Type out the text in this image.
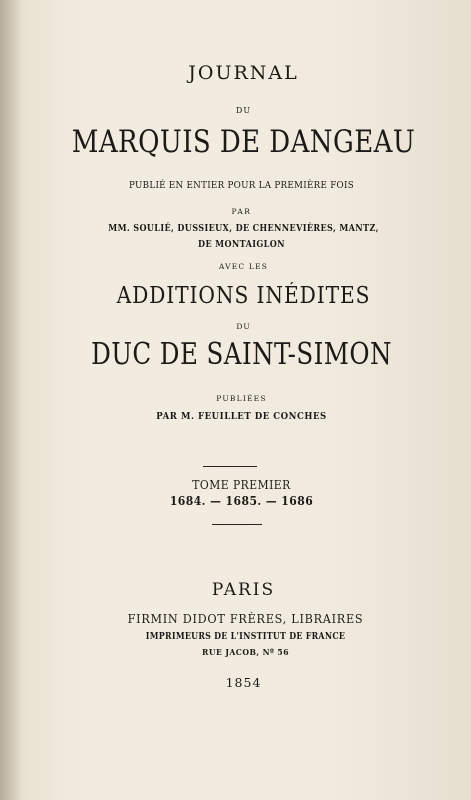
JOURNAL
DU
MARQUIS DE DANGEAU
PUBLIÉ EN ENTIER POUR LA PREMIÈRE FOIS
PAR
MM. SOULIÉ, DUSSIEUX, DE CHENNEVIÈRES, MANTZ,
DE MONTAIGLON
AVEC LES
ADDITIONS INÉDITES
DU
DUC DE SAINT-SIMON
PUBLIÉES
PAR M. FEUILLET DE CONCHES
TOME PREMIER
1684. — 1685. — 1686
PARIS
FIRMIN DIDOT FRÈRES, LIBRAIRES
IMPRIMEURS DE L'INSTITUT DE FRANCE
RUE JACOB, Nº 56
1854
